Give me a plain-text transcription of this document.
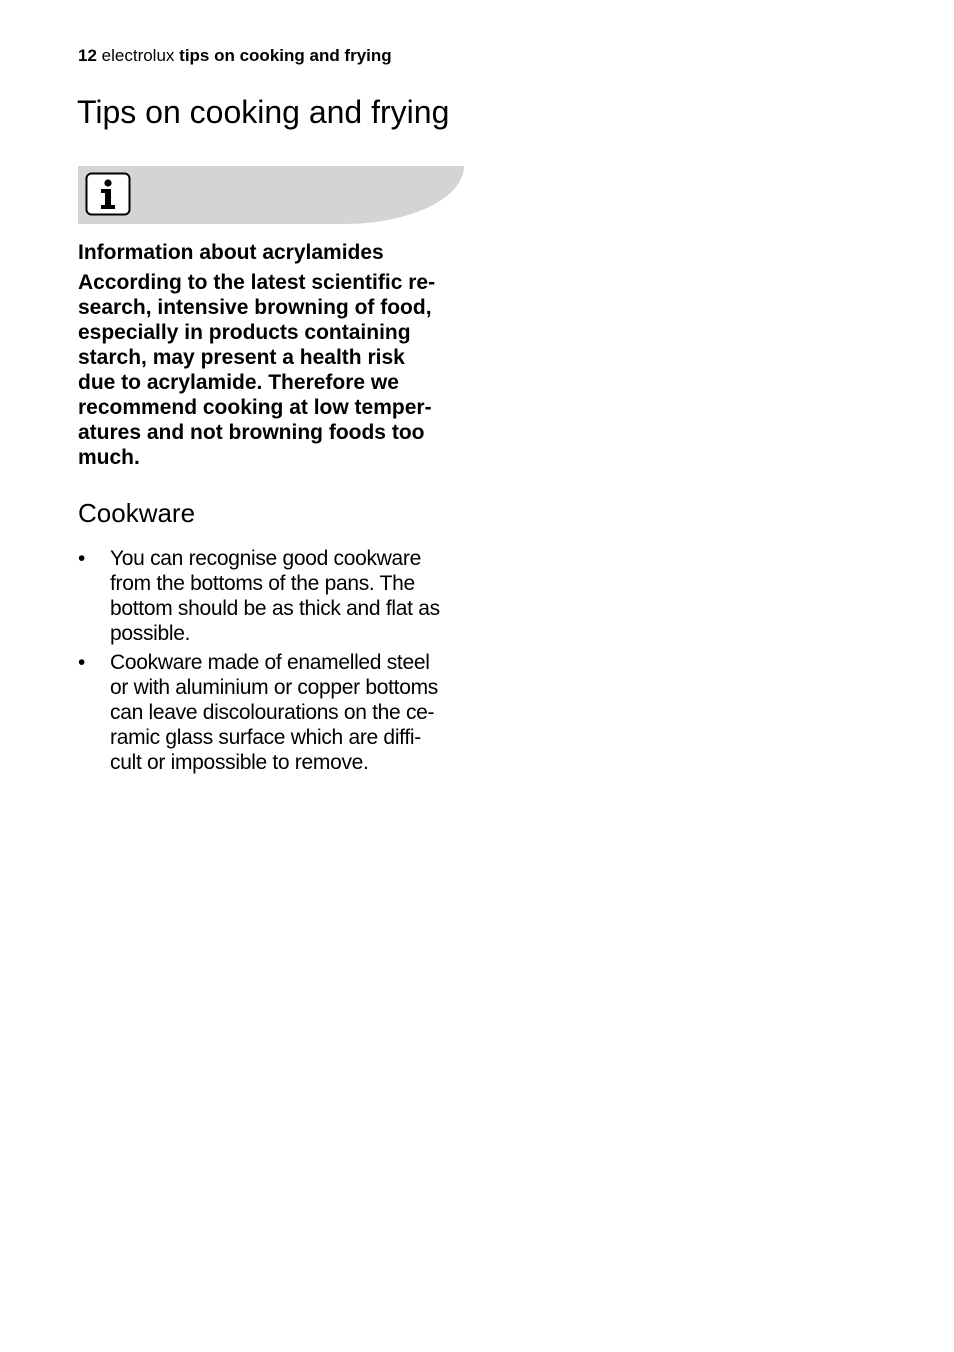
12 electrolux tips on cooking and frying
Tips on cooking and frying

Information about acrylamides

According to the latest scientific re-

search, intensive browning of food,

especially in products containing

starch, may present a health risk

due to acrylamide. Therefore we

recommend cooking at low temper-

atures and not browning foods too

much.

Cookware
• You can recognise good cookware
from the bottoms of the pans. The
bottom should be as thick and flat as
possible.
• Cookware made of enamelled steel
or with aluminium or copper bottoms
can leave discolourations on the ce-
ramic glass surface which are diffi-
cult or impossible to remove.
